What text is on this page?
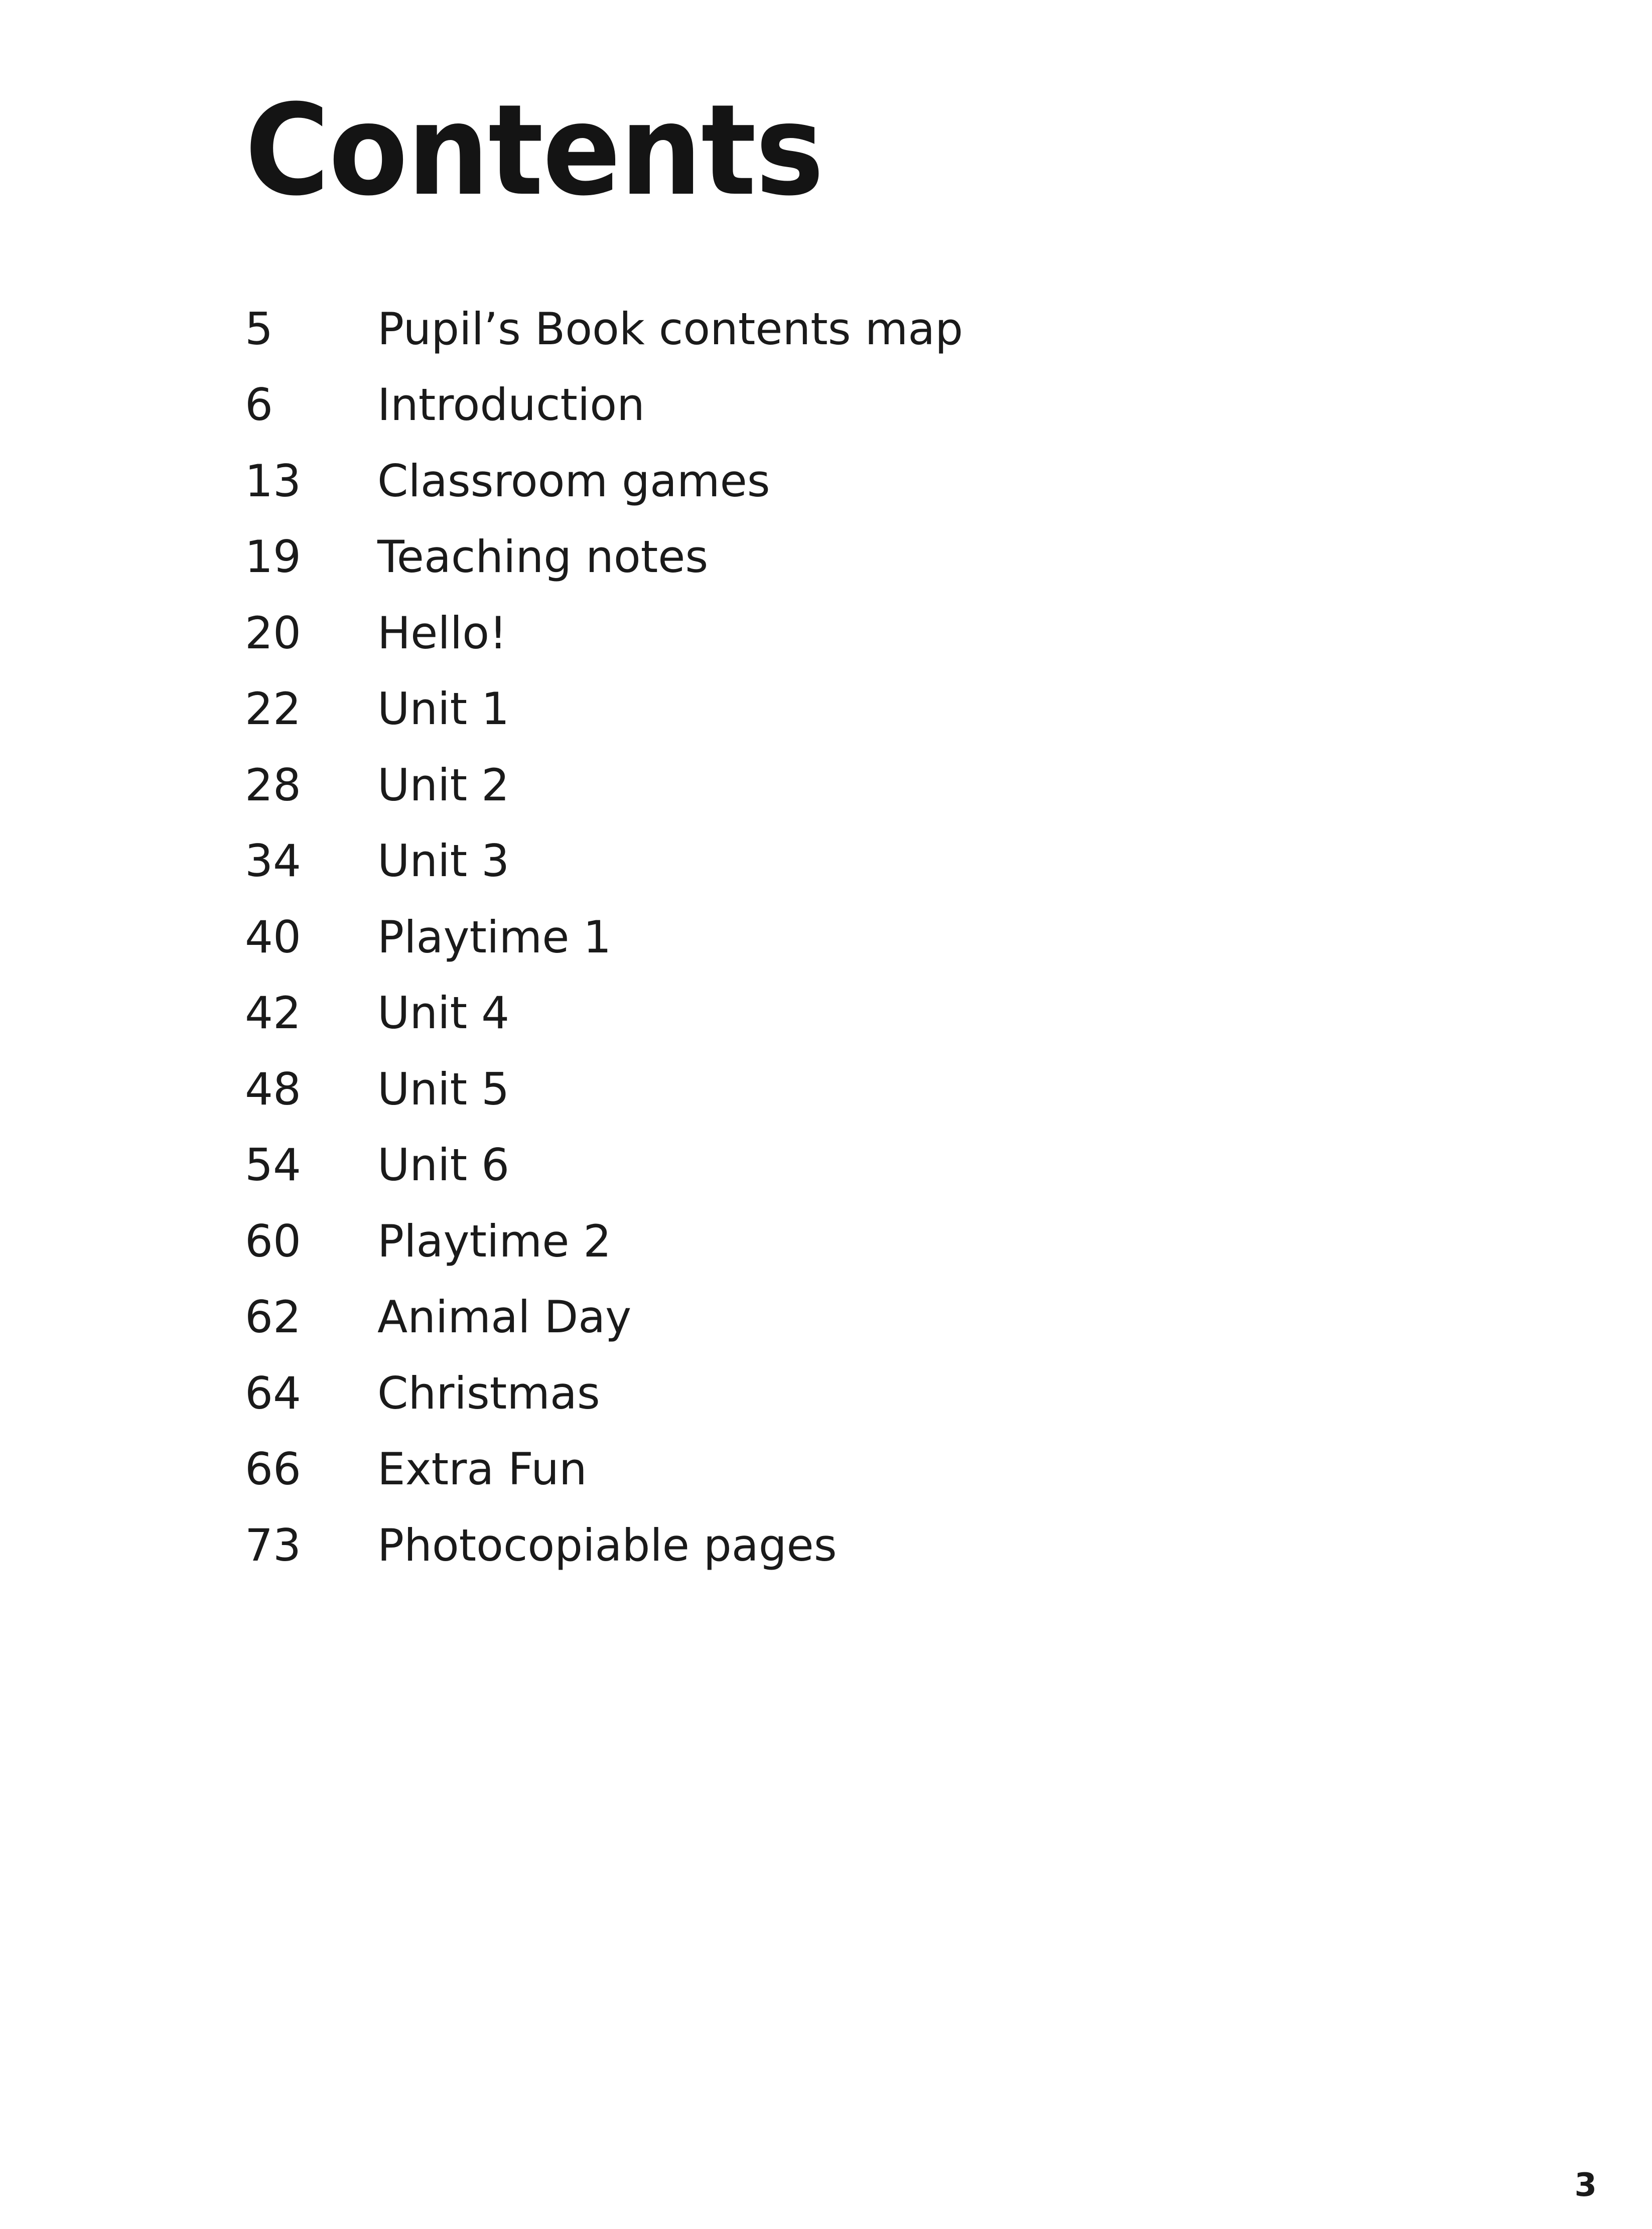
Contents
5	Pupil’s Book contents map
6	Introduction
13	Classroom games
19	Teaching notes
20	Hello!
22	Unit 1
28	Unit 2
34	Unit 3
40	Playtime 1
42	Unit 4
48	Unit 5
54	Unit 6
60	Playtime 2
62	Animal Day
64	Christmas
66	Extra Fun
73	Photocopiable pages
3
